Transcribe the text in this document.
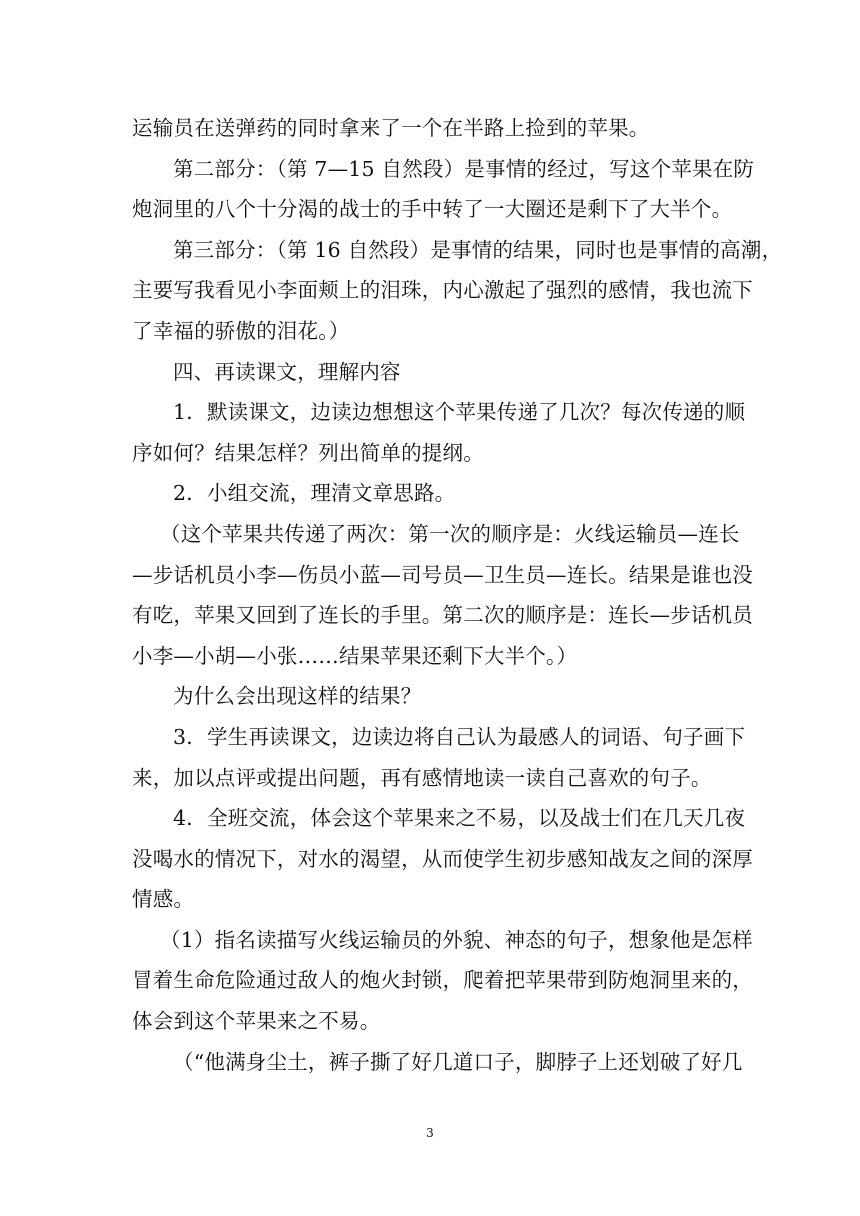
运输员在送弹药的同时拿来了一个在半路上捡到的苹果。

第二部分：（第 7—15 自然段）是事情的经过，写这个苹果在防

炮洞里的八个十分渴的战士的手中转了一大圈还是剩下了大半个。

第三部分：（第 16 自然段）是事情的结果，同时也是事情的高潮，

主要写我看见小李面颊上的泪珠，内心激起了强烈的感情，我也流下

了幸福的骄傲的泪花。）

四、再读课文，理解内容

1．默读课文，边读边想想这个苹果传递了几次？每次传递的顺

序如何？结果怎样？列出简单的提纲。

2．小组交流，理清文章思路。

（这个苹果共传递了两次：第一次的顺序是：火线运输员—连长

—步话机员小李—伤员小蓝—司号员—卫生员—连长。结果是谁也没

有吃，苹果又回到了连长的手里。第二次的顺序是：连长—步话机员

小李—小胡—小张……结果苹果还剩下大半个。）

为什么会出现这样的结果？

3．学生再读课文，边读边将自己认为最感人的词语、句子画下

来，加以点评或提出问题，再有感情地读一读自己喜欢的句子。

4．全班交流，体会这个苹果来之不易，以及战士们在几天几夜

没喝水的情况下，对水的渴望，从而使学生初步感知战友之间的深厚

情感。

（1）指名读描写火线运输员的外貌、神态的句子，想象他是怎样

冒着生命危险通过敌人的炮火封锁，爬着把苹果带到防炮洞里来的，

体会到这个苹果来之不易。

（“他满身尘土，裤子撕了好几道口子，脚脖子上还划破了好几

3
